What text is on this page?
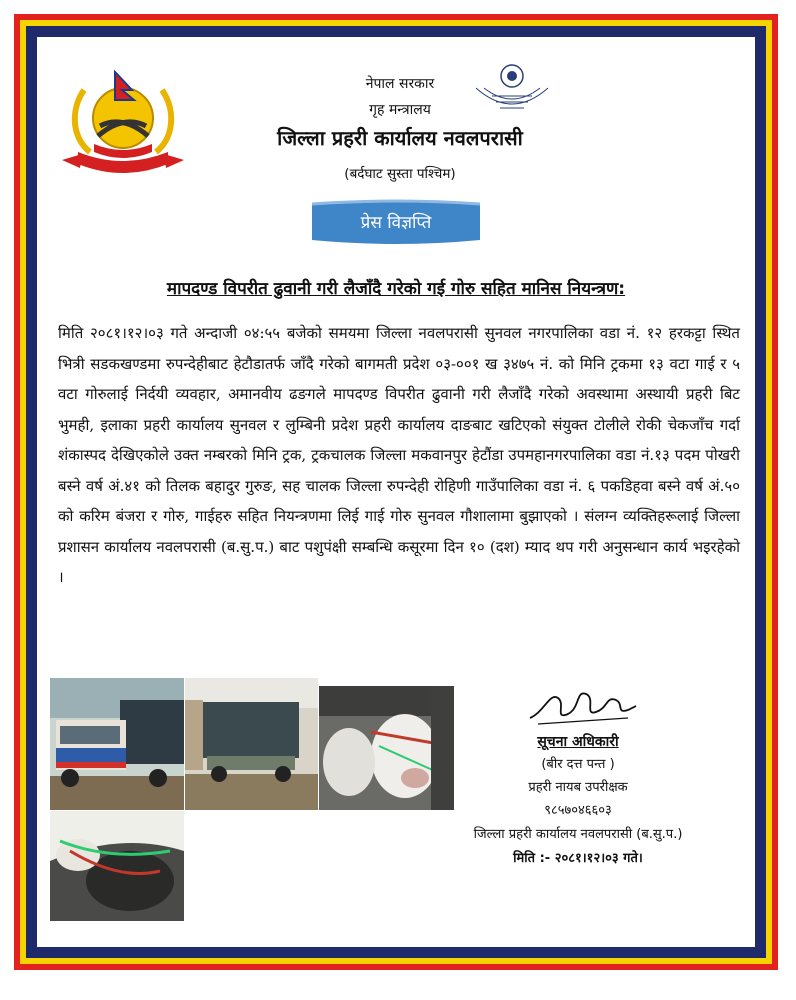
नेपाल सरकार
गृह मन्त्रालय
जिल्ला प्रहरी कार्यालय नवलपरासी
(बर्दघाट सुस्ता पश्चिम)
प्रेस विज्ञप्ति
मापदण्ड विपरीत ढुवानी गरी लैजाँदै गरेको गई गोरु सहित मानिस नियन्त्रण:

मिति २०८१।१२।०३ गते अन्दाजी ०४:५५ बजेको समयमा जिल्ला नवलपरासी सुनवल नगरपालिका वडा नं. १२ हरकट्टा स्थित भित्री सडकखण्डमा रुपन्देहीबाट हेटौडातर्फ जाँदै गरेको बागमती प्रदेश ०३-००१ ख ३४७५ नं. को मिनि ट्रकमा १३ वटा गाई र ५ वटा गोरुलाई निर्दयी व्यवहार, अमानवीय ढङगले मापदण्ड विपरीत ढुवानी गरी लैजाँदै गरेको अवस्थामा अस्थायी प्रहरी बिट भुमही, इलाका प्रहरी कार्यालय सुनवल र लुम्बिनी प्रदेश प्रहरी कार्यालय दाङबाट खटिएको संयुक्त टोलीले रोकी चेकजाँच गर्दा शंकास्पद देखिएकोले उक्त नम्बरको मिनि ट्रक, ट्रकचालक जिल्ला मकवानपुर हेटौंडा उपमहानगरपालिका वडा नं.१३ पदम पोखरी बस्ने वर्ष अं.४१ को तिलक बहादुर गुरुङ, सह चालक जिल्ला रुपन्देही रोहिणी गाउँपालिका वडा नं. ६ पकडिहवा बस्ने वर्ष अं.५० को करिम बंजरा र गोरु, गाईहरु सहित नियन्त्रणमा लिई गाई गोरु सुनवल गौशालामा बुझाएको । संलग्न व्यक्तिहरूलाई जिल्ला प्रशासन कार्यालय नवलपरासी (ब.सु.प.) बाट पशुपंक्षी सम्बन्धि कसूरमा दिन १० (दश) म्याद थप गरी अनुसन्धान कार्य भइरहेको ।

सूचना अधिकारी
(बीर दत्त पन्त )
प्रहरी नायब उपरीक्षक
९८५७०४६६०३
जिल्ला प्रहरी कार्यालय नवलपरासी (ब.सु.प.)
मिति :- २०८१।१२।०३ गते।
